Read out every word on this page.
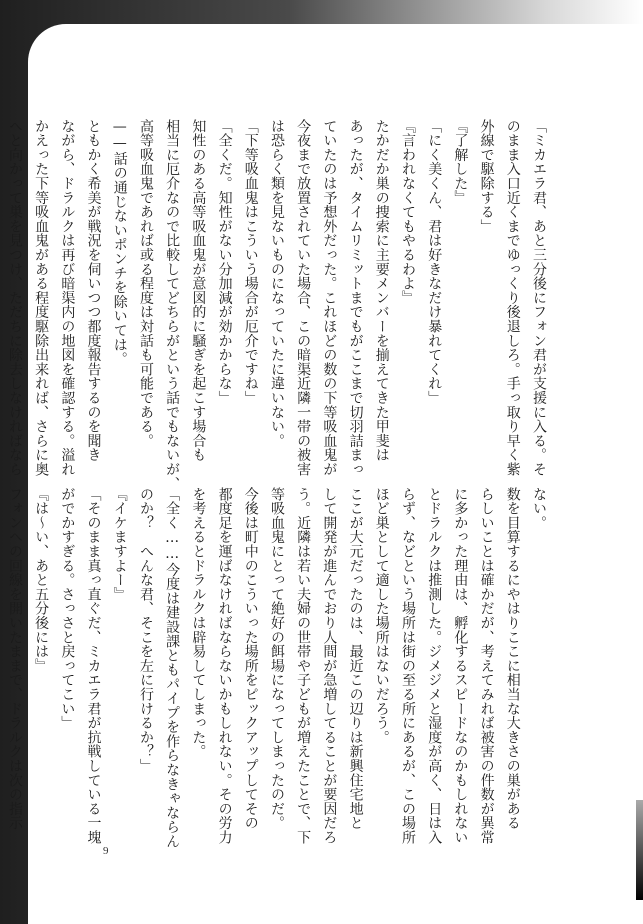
「ミカエラ君、あと三分後にフォン君が支援に入る。そ
のまま入口近くまでゆっくり後退しろ。手っ取り早く紫
外線で駆除する」
『了解した』
「にく美くん、君は好きなだけ暴れてくれ」
『言われなくてもやるわよ』
たかだか巣の捜索に主要メンバーを揃えてきた甲斐は
あったが、タイムリミットまでもがここまで切羽詰まっ
ていたのは予想外だった。これほどの数の下等吸血鬼が
今夜まで放置されていた場合、この暗渠近隣一帯の被害
は恐らく類を見ないものになっていたに違いない。
「下等吸血鬼はこういう場合が厄介ですね」
「全くだ。知性がない分加減が効かからな」
知性のある高等吸血鬼が意図的に騒ぎを起こす場合も
相当に厄介なので比較してどちらがという話でもないが、
高等吸血鬼であれば或る程度は対話も可能である。
——話の通じないポンチを除いては。
ともかく希美が戦況を伺いつつ都度報告するのを聞き
ながら、ドラルクは再び暗渠内の地図を確認する。溢れ
かえった下等吸血鬼がある程度駆除出来れば、さらに奥
へと向かって巣を見つけ、ただちに除去しなければなら
ない。
数を目算するにやはりここに相当な大きさの巣がある
らしいことは確かだが、考えてみれば被害の件数が異常
に多かった理由は、孵化するスピードなのかもしれない
とドラルクは推測した。ジメジメと湿度が高く、日は入
らず、などという場所は街の至る所にあるが、この場所
ほど巣として適した場所はないだろう。
ここが大元だったのは、最近この辺りは新興住宅地と
して開発が進んでおり人間が急増してることが要因だろ
う。近隣は若い夫婦の世帯や子どもが増えたことで、下
等吸血鬼にとって絶好の餌場になってしまったのだ。
今後は町中のこういった場所をピックアップしてその
都度足を運ばなければならないかもしれない。その労力
を考えるとドラルクは辟易してしまった。
「全く……今度は建設課ともパイプを作らなきゃならん
のか？　へんな君、そこを左に行けるか？」
『イケますよー』
「そのまま真っ直ぐだ、ミカエラ君が抗戦している一塊
がでかすぎる。さっさと戻ってこい」
『は～い、あと五分後には』
フォンへの回線を開いたままで、ドラルクは次の指示

9
